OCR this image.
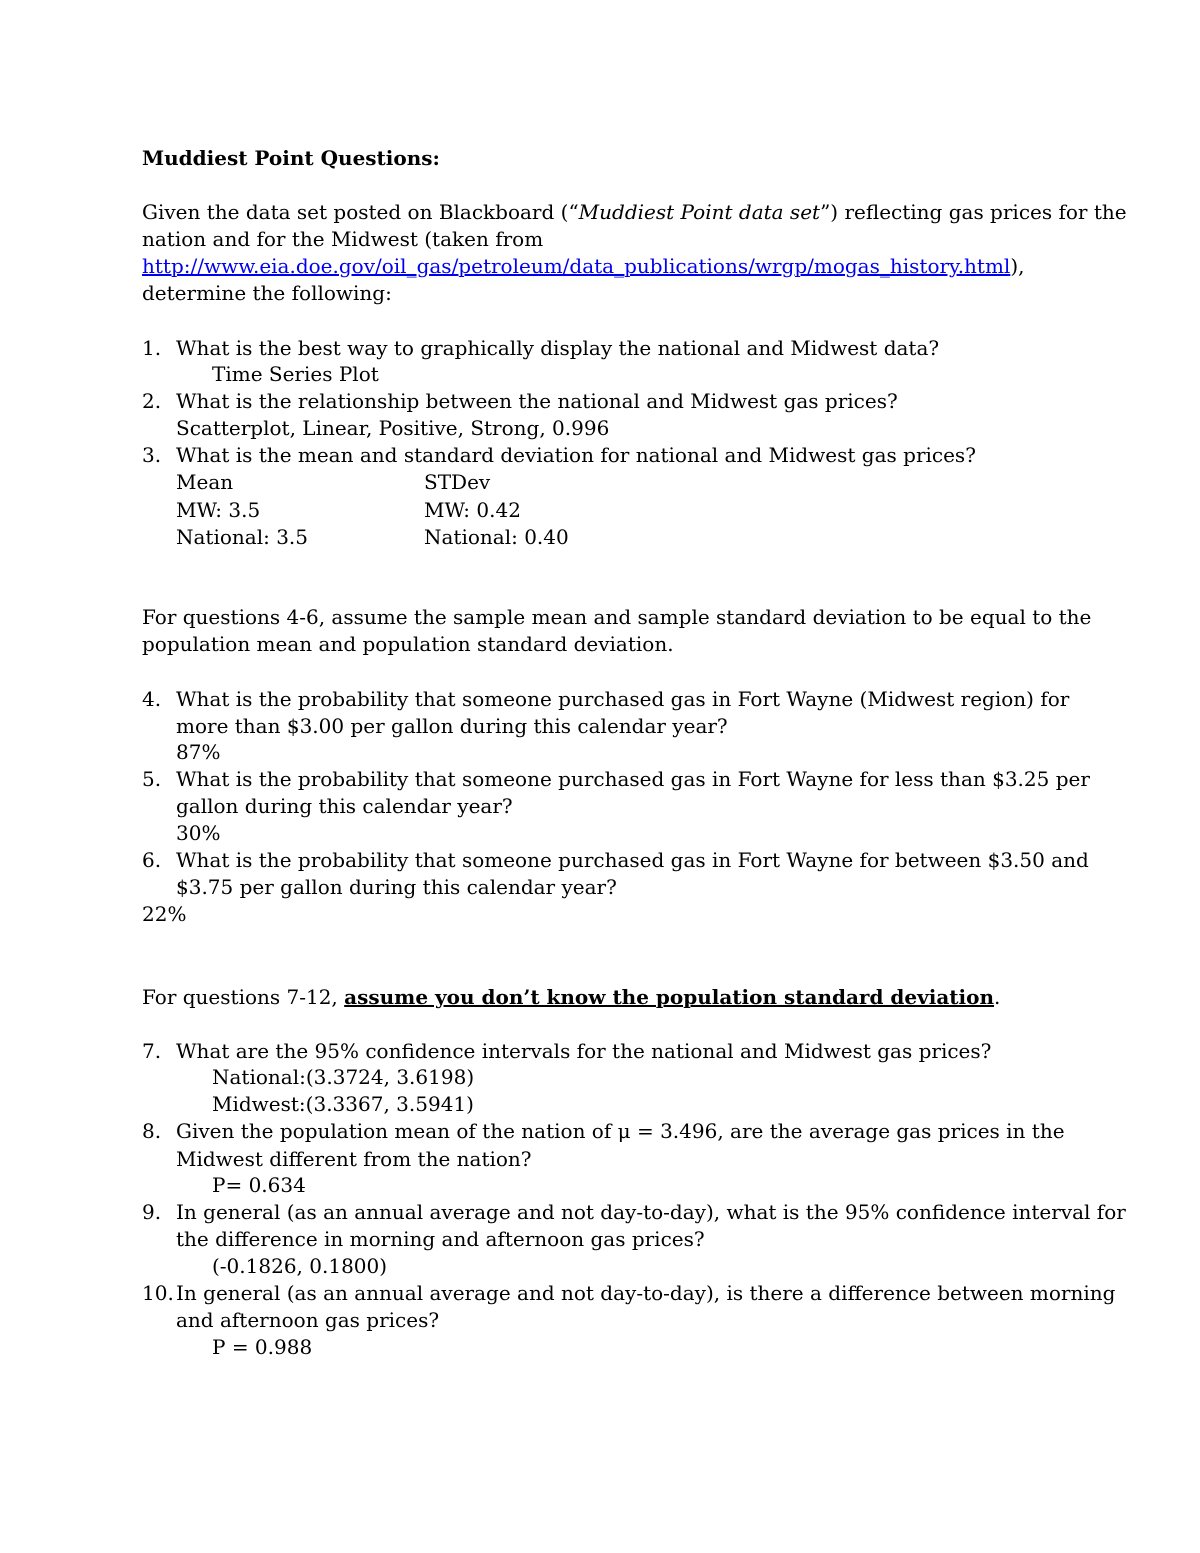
Muddiest Point Questions:
Given the data set posted on Blackboard (“Muddiest Point data set”) reflecting gas prices for the
nation and for the Midwest (taken from
http://www.eia.doe.gov/oil_gas/petroleum/data_publications/wrgp/mogas_history.html),
determine the following:
1. What is the best way to graphically display the national and Midwest data?
Time Series Plot
2. What is the relationship between the national and Midwest gas prices?
Scatterplot, Linear, Positive, Strong, 0.996
3. What is the mean and standard deviation for national and Midwest gas prices?
Mean	STDev
MW: 3.5	MW: 0.42
National: 3.5	National: 0.40
For questions 4-6, assume the sample mean and sample standard deviation to be equal to the
population mean and population standard deviation.
4. What is the probability that someone purchased gas in Fort Wayne (Midwest region) for
more than $3.00 per gallon during this calendar year?
87%
5. What is the probability that someone purchased gas in Fort Wayne for less than $3.25 per
gallon during this calendar year?
30%
6. What is the probability that someone purchased gas in Fort Wayne for between $3.50 and
$3.75 per gallon during this calendar year?
22%
For questions 7-12, assume you don’t know the population standard deviation.
7. What are the 95% confidence intervals for the national and Midwest gas prices?
National:(3.3724, 3.6198)
Midwest:(3.3367, 3.5941)
8. Given the population mean of the nation of μ = 3.496, are the average gas prices in the
Midwest different from the nation?
P= 0.634
9. In general (as an annual average and not day-to-day), what is the 95% confidence interval for
the difference in morning and afternoon gas prices?
(-0.1826, 0.1800)
10. In general (as an annual average and not day-to-day), is there a difference between morning
and afternoon gas prices?
P = 0.988
